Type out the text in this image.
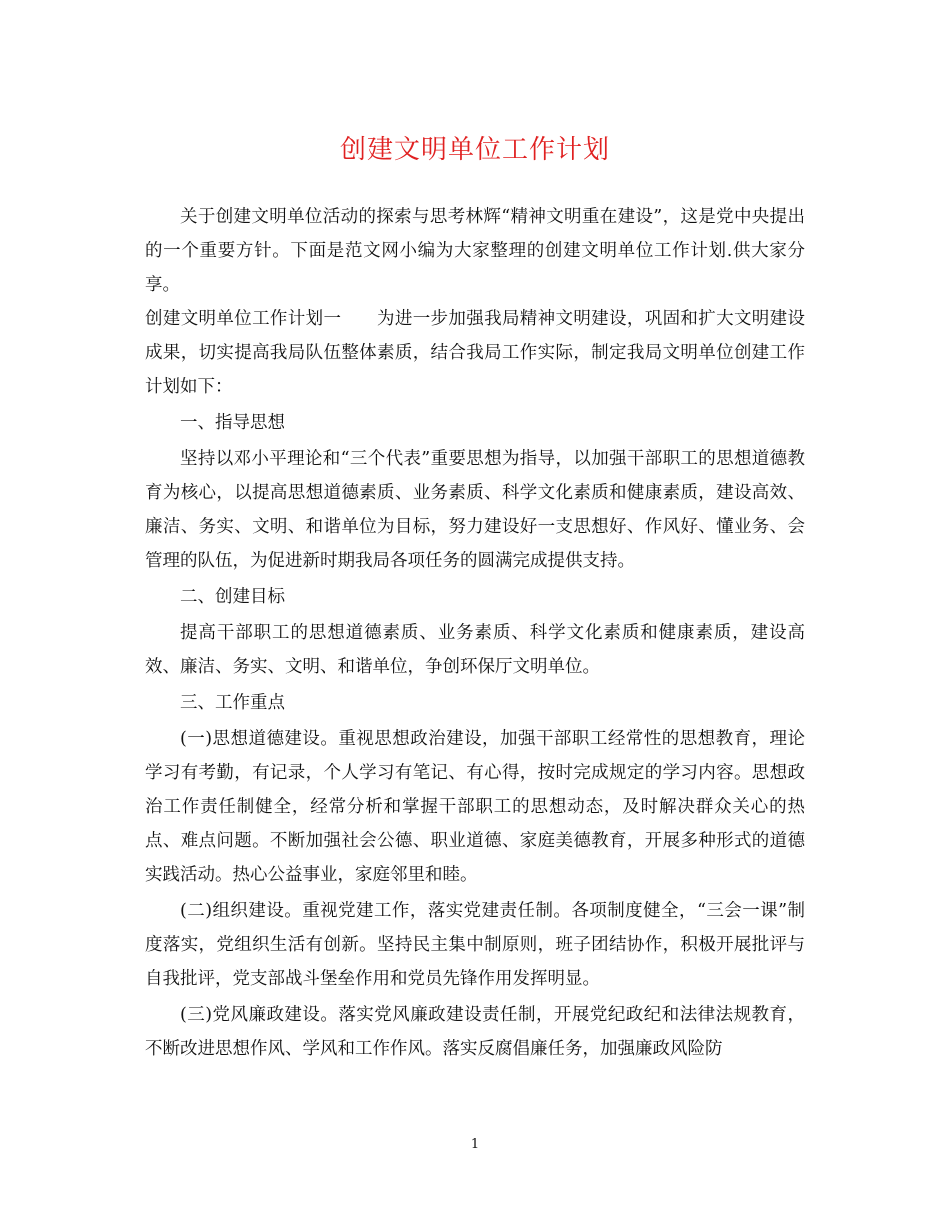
创建文明单位工作计划

关于创建文明单位活动的探索与思考林辉“精神文明重在建设”，这是党中央提出的一个重要方针。下面是范文网小编为大家整理的创建文明单位工作计划.供大家分享。

创建文明单位工作计划一　　为进一步加强我局精神文明建设，巩固和扩大文明建设成果，切实提高我局队伍整体素质，结合我局工作实际，制定我局文明单位创建工作计划如下：

一、指导思想

坚持以邓小平理论和“三个代表”重要思想为指导，以加强干部职工的思想道德教育为核心，以提高思想道德素质、业务素质、科学文化素质和健康素质，建设高效、廉洁、务实、文明、和谐单位为目标，努力建设好一支思想好、作风好、懂业务、会管理的队伍，为促进新时期我局各项任务的圆满完成提供支持。

二、创建目标

提高干部职工的思想道德素质、业务素质、科学文化素质和健康素质，建设高效、廉洁、务实、文明、和谐单位，争创环保厅文明单位。

三、工作重点

(一)思想道德建设。重视思想政治建设，加强干部职工经常性的思想教育，理论学习有考勤，有记录，个人学习有笔记、有心得，按时完成规定的学习内容。思想政治工作责任制健全，经常分析和掌握干部职工的思想动态，及时解决群众关心的热点、难点问题。不断加强社会公德、职业道德、家庭美德教育，开展多种形式的道德实践活动。热心公益事业，家庭邻里和睦。

(二)组织建设。重视党建工作，落实党建责任制。各项制度健全，“三会一课”制度落实，党组织生活有创新。坚持民主集中制原则，班子团结协作，积极开展批评与自我批评，党支部战斗堡垒作用和党员先锋作用发挥明显。

(三)党风廉政建设。落实党风廉政建设责任制，开展党纪政纪和法律法规教育，不断改进思想作风、学风和工作作风。落实反腐倡廉任务，加强廉政风险防

1
